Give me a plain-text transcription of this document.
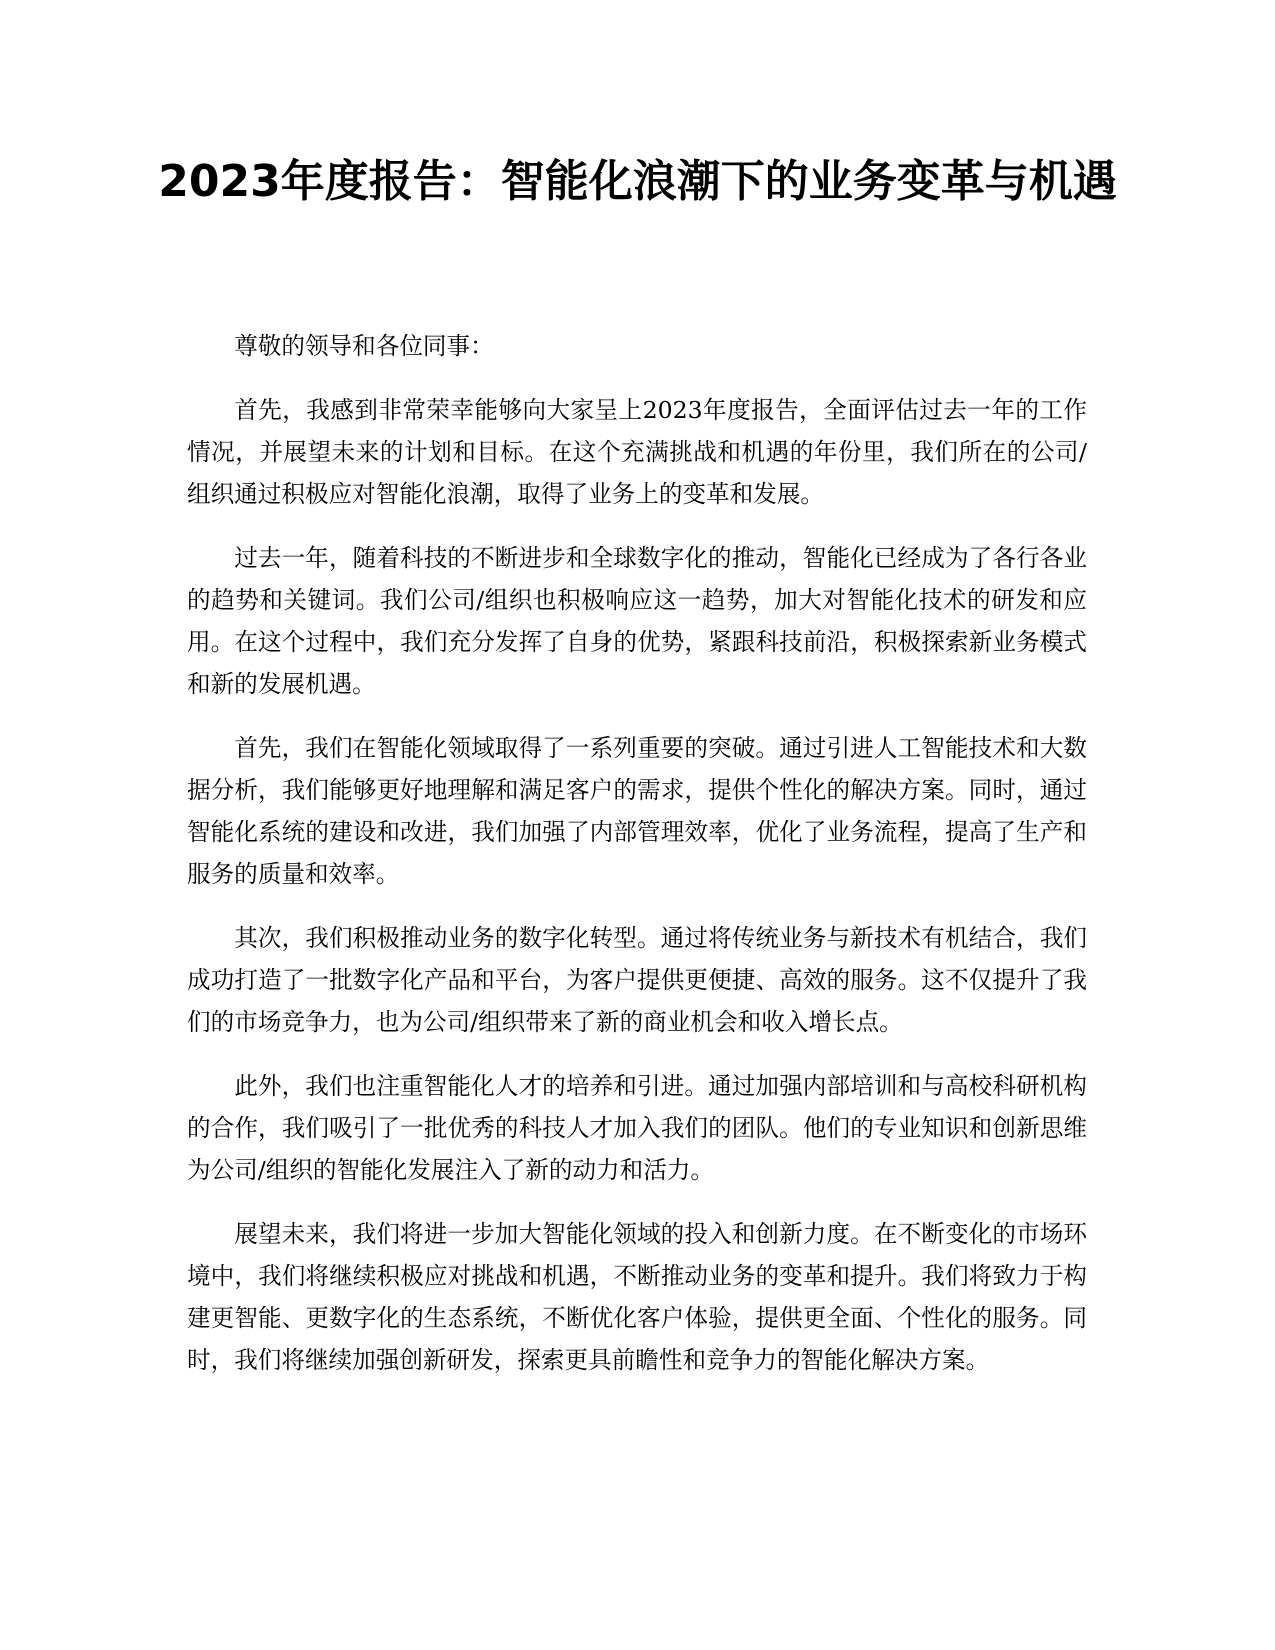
2023年度报告：智能化浪潮下的业务变革与机遇

尊敬的领导和各位同事：

首先，我感到非常荣幸能够向大家呈上2023年度报告，全面评估过去一年的工作情况，并展望未来的计划和目标。在这个充满挑战和机遇的年份里，我们所在的公司/组织通过积极应对智能化浪潮，取得了业务上的变革和发展。

过去一年，随着科技的不断进步和全球数字化的推动，智能化已经成为了各行各业的趋势和关键词。我们公司/组织也积极响应这一趋势，加大对智能化技术的研发和应用。在这个过程中，我们充分发挥了自身的优势，紧跟科技前沿，积极探索新业务模式和新的发展机遇。

首先，我们在智能化领域取得了一系列重要的突破。通过引进人工智能技术和大数据分析，我们能够更好地理解和满足客户的需求，提供个性化的解决方案。同时，通过智能化系统的建设和改进，我们加强了内部管理效率，优化了业务流程，提高了生产和服务的质量和效率。

其次，我们积极推动业务的数字化转型。通过将传统业务与新技术有机结合，我们成功打造了一批数字化产品和平台，为客户提供更便捷、高效的服务。这不仅提升了我们的市场竞争力，也为公司/组织带来了新的商业机会和收入增长点。

此外，我们也注重智能化人才的培养和引进。通过加强内部培训和与高校科研机构的合作，我们吸引了一批优秀的科技人才加入我们的团队。他们的专业知识和创新思维为公司/组织的智能化发展注入了新的动力和活力。

展望未来，我们将进一步加大智能化领域的投入和创新力度。在不断变化的市场环境中，我们将继续积极应对挑战和机遇，不断推动业务的变革和提升。我们将致力于构建更智能、更数字化的生态系统，不断优化客户体验，提供更全面、个性化的服务。同时，我们将继续加强创新研发，探索更具前瞻性和竞争力的智能化解决方案。
